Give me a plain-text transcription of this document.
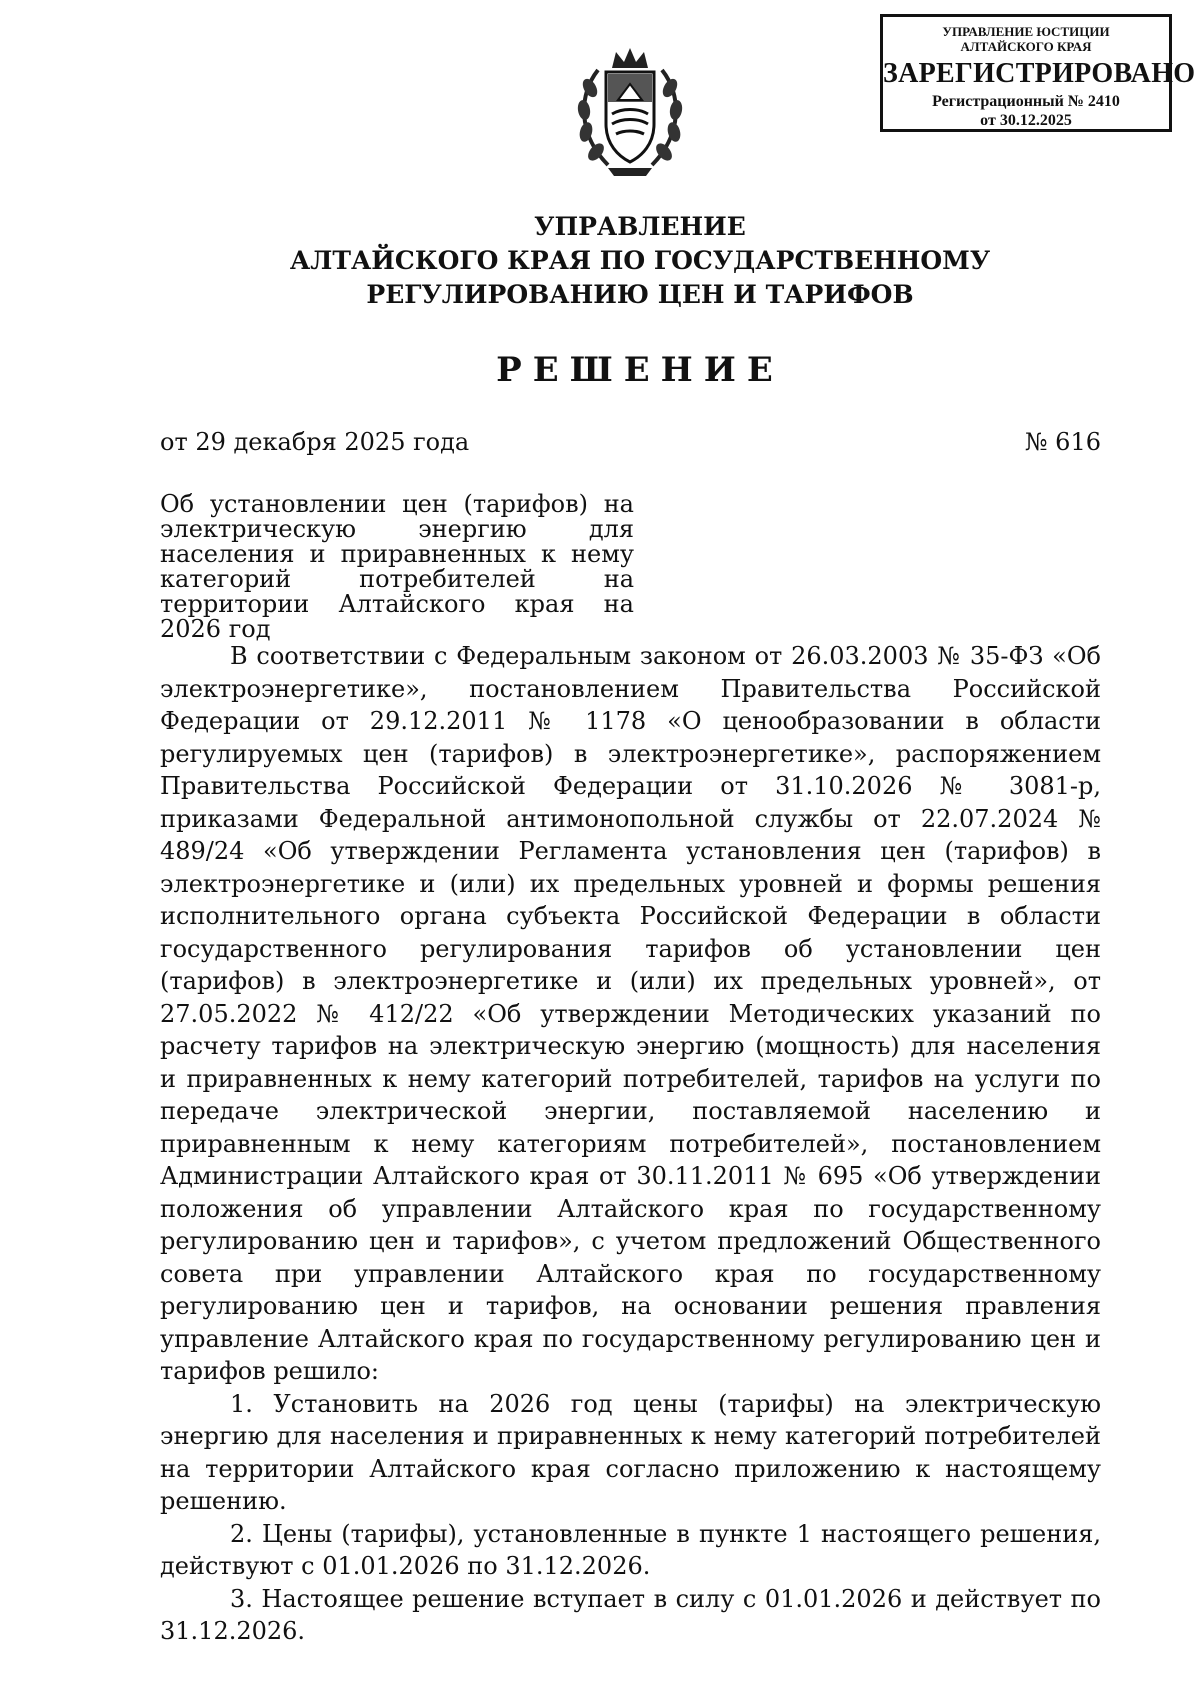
УПРАВЛЕНИЕ ЮСТИЦИИ
АЛТАЙСКОГО КРАЯ
ЗАРЕГИСТРИРОВАНО
Регистрационный № 2410
от 30.12.2025
УПРАВЛЕНИЕ
АЛТАЙСКОГО КРАЯ ПО ГОСУДАРСТВЕННОМУ
РЕГУЛИРОВАНИЮ ЦЕН И ТАРИФОВ
РЕШЕНИЕ
от 29 декабря 2025 года	№ 616
Об установлении цен (тарифов) на электрическую энергию для населения и приравненных к нему категорий потребителей на территории Алтайского края на 2026 год

В соответствии с Федеральным законом от 26.03.2003 № 35-ФЗ «Об электроэнергетике», постановлением Правительства Российской Федерации от 29.12.2011 № 1178 «О ценообразовании в области регулируемых цен (тарифов) в электроэнергетике», распоряжением Правительства Российской Федерации от 31.10.2026 № 3081-р, приказами Федеральной антимонопольной службы от 22.07.2024 № 489/24 «Об утверждении Регламента установления цен (тарифов) в электроэнергетике и (или) их предельных уровней и формы решения исполнительного органа субъекта Российской Федерации в области государственного регулирования тарифов об установлении цен (тарифов) в электроэнергетике и (или) их предельных уровней», от 27.05.2022 № 412/22 «Об утверждении Методических указаний по расчету тарифов на электрическую энергию (мощность) для населения и приравненных к нему категорий потребителей, тарифов на услуги по передаче электрической энергии, поставляемой населению и приравненным к нему категориям потребителей», постановлением Администрации Алтайского края от 30.11.2011 № 695 «Об утверждении положения об управлении Алтайского края по государственному регулированию цен и тарифов», с учетом предложений Общественного совета при управлении Алтайского края по государственному регулированию цен и тарифов, на основании решения правления управление Алтайского края по государственному регулированию цен и тарифов решило:

1. Установить на 2026 год цены (тарифы) на электрическую энергию для населения и приравненных к нему категорий потребителей на территории Алтайского края согласно приложению к настоящему решению.

2. Цены (тарифы), установленные в пункте 1 настоящего решения, действуют с 01.01.2026 по 31.12.2026.

3. Настоящее решение вступает в силу с 01.01.2026 и действует по 31.12.2026.
